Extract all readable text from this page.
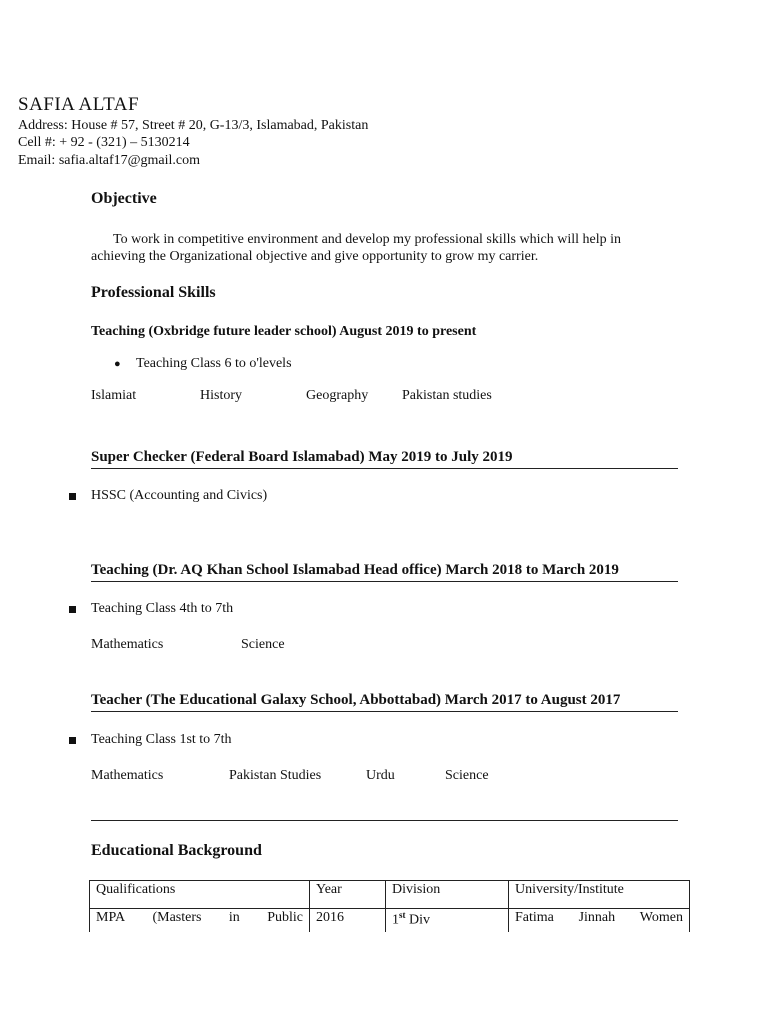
SAFIA ALTAF
Address: House # 57, Street # 20, G-13/3, Islamabad, Pakistan
Cell #: + 92 - (321) – 5130214
Email: safia.altaf17@gmail.com
Objective
To work in competitive environment and develop my professional skills which will help in
achieving the Organizational objective and give opportunity to grow my carrier.
Professional Skills
Teaching (Oxbridge future leader school) August 2019 to present
● Teaching Class 6 to o'levels
Islamiat	History	Geography Pakistan studies
Super Checker (Federal Board Islamabad) May 2019 to July 2019
HSSC (Accounting and Civics)
Teaching (Dr. AQ Khan School Islamabad Head office) March 2018 to March 2019
Teaching Class 4th to 7th
Mathematics	Science
Teacher (The Educational Galaxy School, Abbottabad) March 2017 to August 2017
Teaching Class 1st to 7th
Mathematics	Pakistan Studies	Urdu	Science
Educational Background
Qualifications	Year	Division	University/Institute

MPA (Masters in Public	2016	1st Div	Fatima Jinnah Women
